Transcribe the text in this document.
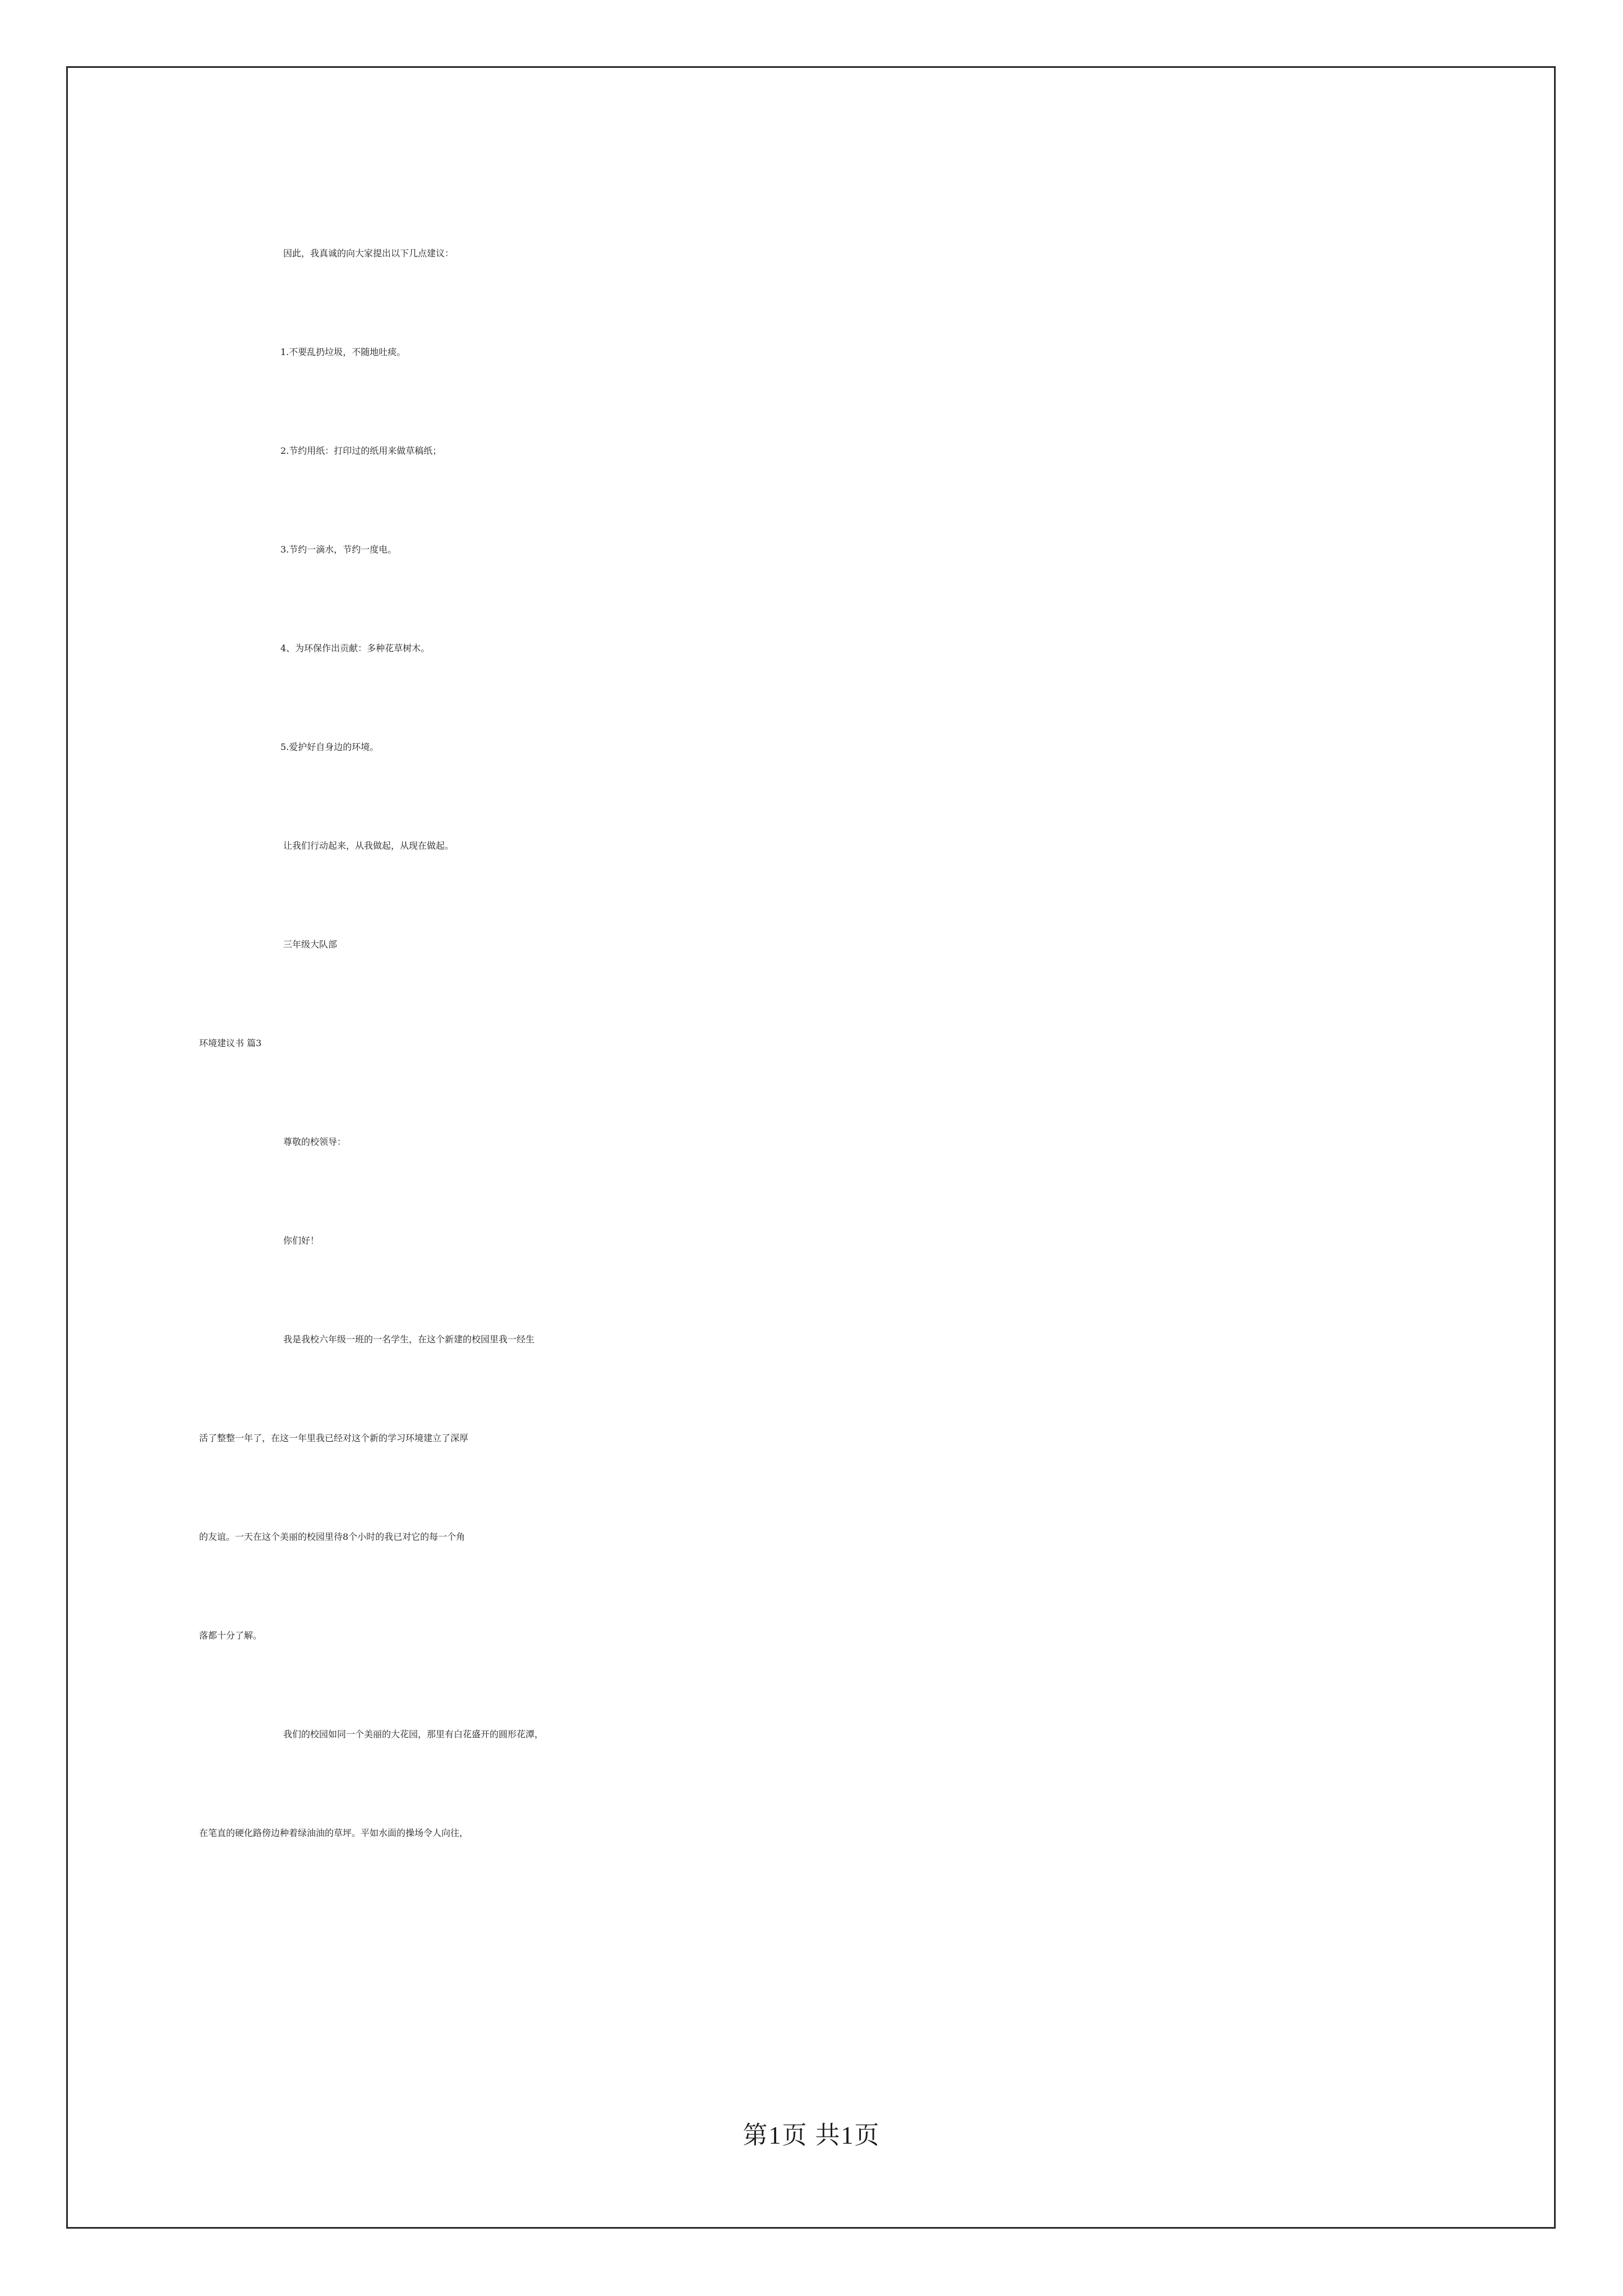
因此，我真诚的向大家提出以下几点建议：
1.不要乱扔垃圾，不随地吐痰。
2.节约用纸：打印过的纸用来做草稿纸；
3.节约一滴水，节约一度电。
4、为环保作出贡献：多种花草树木。
5.爱护好自身边的环境。
让我们行动起来，从我做起，从现在做起。
三年级大队部
环境建议书 篇3
尊敬的校领导：
你们好！
我是我校六年级一班的一名学生，在这个新建的校园里我一经生
活了整整一年了，在这一年里我已经对这个新的学习环境建立了深厚
的友谊。一天在这个美丽的校园里待8个小时的我已对它的每一个角
落都十分了解。
我们的校园如同一个美丽的大花园，那里有白花盛开的圆形花潭，
在笔直的硬化路傍边种着绿油油的草坪。平如水面的操场令人向往，
第1页 共1页
